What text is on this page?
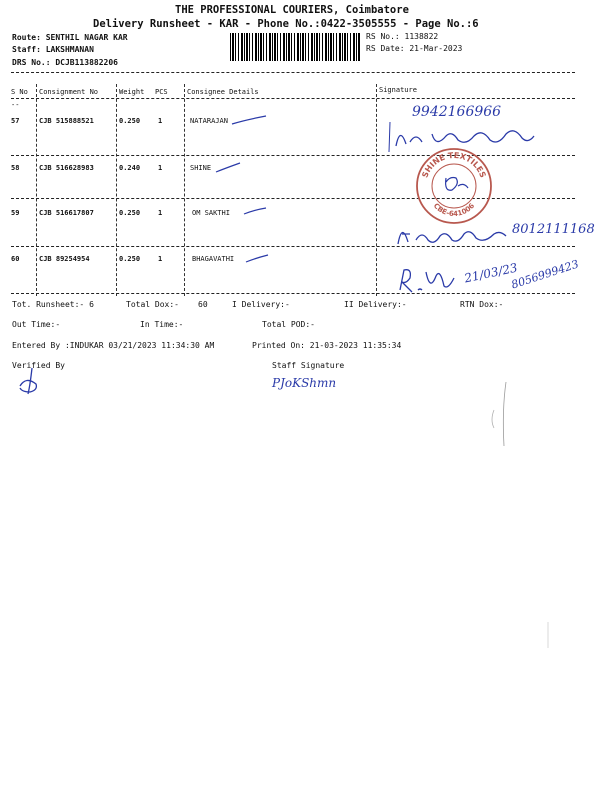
THE PROFESSIONAL COURIERS, Coimbatore
Delivery Runsheet - KAR - Phone No.:0422-3505555 - Page No.:6
Route: SENTHIL NAGAR KAR
Staff: LAKSHMANAN
DRS No.: DCJB113882206
RS No.: 1138822
RS Date: 21-Mar-2023
S No Consignment No	Weight PCS	Consignee Details	Signature
--
57	CJB 515888521	0.250	1	NATARAJAN
58	CJB 516628983	0.240	1	SHINE
59	CJB 516617807	0.250	1	OM SAKTHI
60	CJB 89254954	0.250	1	BHAGAVATHI
9942166966
SHINE TEXTILES
CBE-641006
8012111168
21/03/23
8056999423
Tot. Runsheet:- 6	Total Dox:- 60	I Delivery:-	II Delivery:-	RTN Dox:-
Out Time:-	In Time:-	Total POD:-
Entered By :INDUKAR 03/21/2023 11:34:30 AM	Printed On: 21-03-2023 11:35:34
Verified By	Staff Signature
PJoKShmn
